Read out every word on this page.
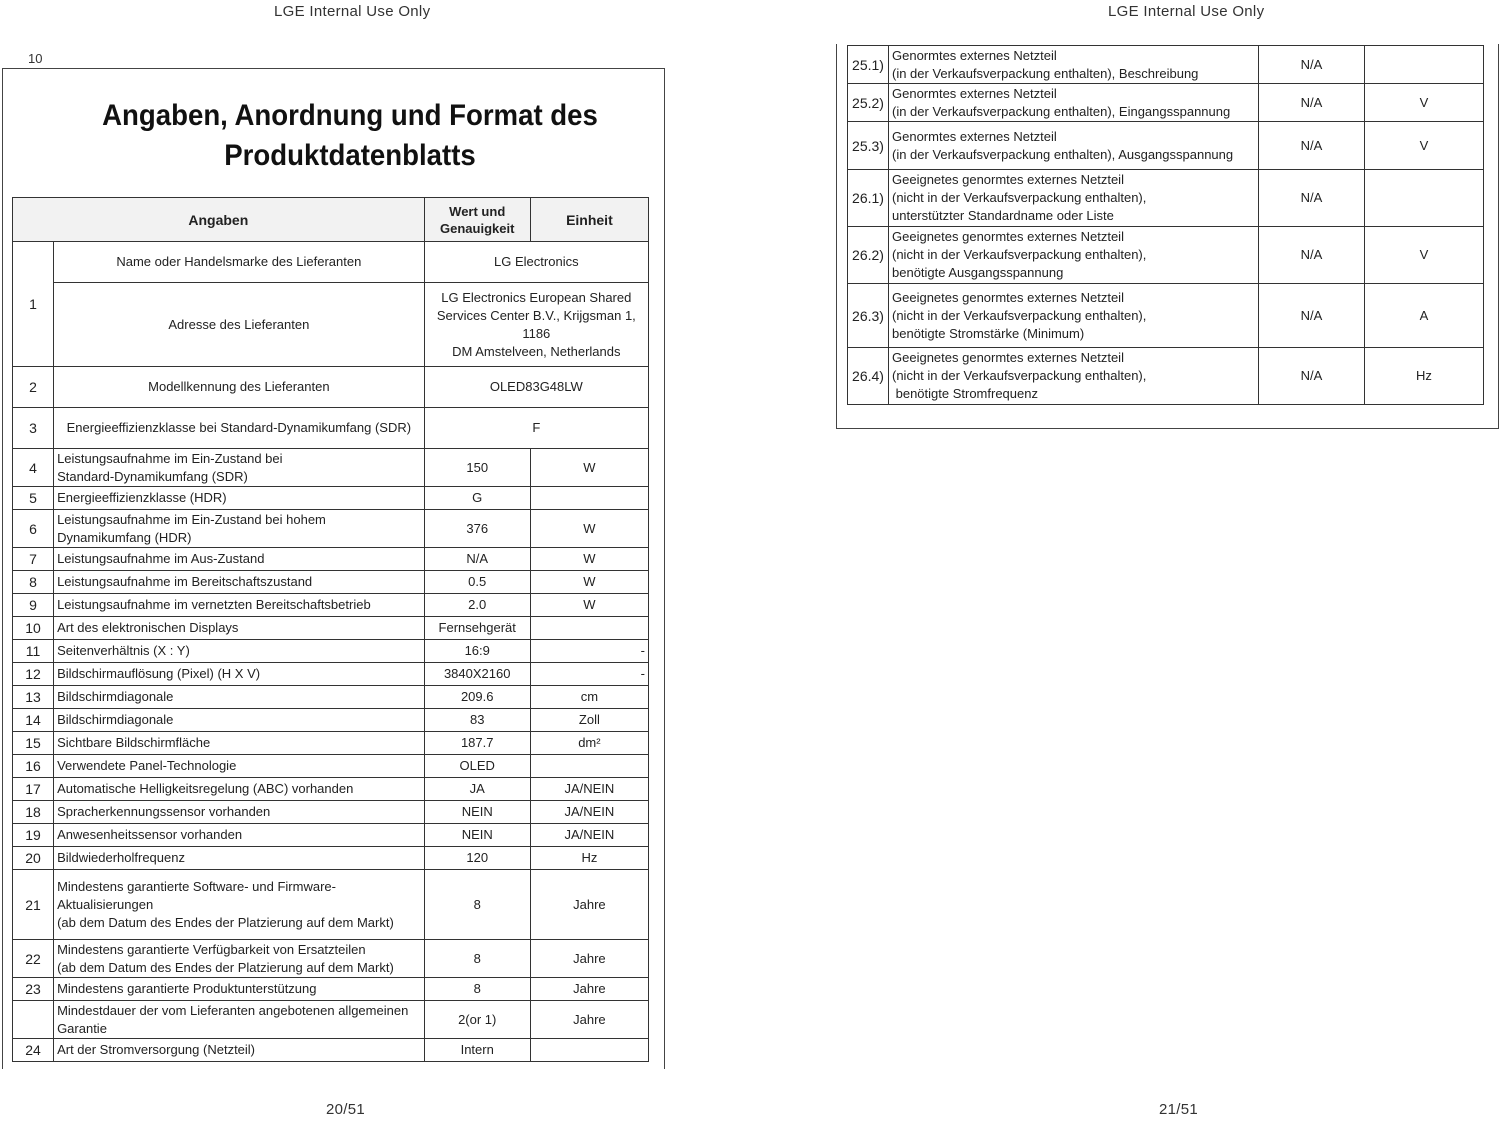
LGE Internal Use Only	LGE Internal Use Only
10
Angaben, Anordnung und Format des
Produktdatenblatts
Angaben		Wert und
Genauigkeit	Einheit
1	Name oder Handelsmarke des Lieferanten	LG Electronics	
	Adresse des Lieferanten	LG Electronics European Shared
Services Center B.V., Krijgsman 1, 1186
DM Amstelveen, Netherlands	

2	Modellkennung des Lieferanten	OLED83G48LW	
3	Energieeffizienzklasse bei Standard-Dynamikumfang (SDR)	F	
4	Leistungsaufnahme im Ein-Zustand bei
Standard-Dynamikumfang (SDR)	150	W
5	Energieeffizienzklasse (HDR)	G	
6	Leistungsaufnahme im Ein-Zustand bei hohem
Dynamikumfang (HDR)	376	W
7	Leistungsaufnahme im Aus-Zustand	N/A	W
8	Leistungsaufnahme im Bereitschaftszustand	0.5	W
9	Leistungsaufnahme im vernetzten Bereitschaftsbetrieb	2.0	W
10	Art des elektronischen Displays	Fernsehgerät	
11	Seitenverhältnis (X : Y)	16:9	-
12	Bildschirmauflösung (Pixel) (H X V)	3840X2160	-
13	Bildschirmdiagonale	209.6	cm
14	Bildschirmdiagonale	83	Zoll
15	Sichtbare Bildschirmfläche	187.7	dm²
16	Verwendete Panel-Technologie	OLED	
17	Automatische Helligkeitsregelung (ABC) vorhanden	JA	JA/NEIN
18	Spracherkennungssensor vorhanden	NEIN	JA/NEIN
19	Anwesenheitssensor vorhanden	NEIN	JA/NEIN
20	Bildwiederholfrequenz	120	Hz
21	Mindestens garantierte Software- und Firmware-Aktualisierungen
(ab dem Datum des Endes der Platzierung auf dem Markt)	8	Jahre
22	Mindestens garantierte Verfügbarkeit von Ersatzteilen
(ab dem Datum des Endes der Platzierung auf dem Markt)	8	Jahre
23	Mindestens garantierte Produktunterstützung	8	Jahre

	Mindestdauer der vom Lieferanten angebotenen allgemeinen
Garantie	2(or 1)	Jahre
24	Art der Stromversorgung (Netzteil)	Intern	
25.1)	Genormtes externes Netzteil
(in der Verkaufsverpackung enthalten), Beschreibung	N/A	
25.2)	Genormtes externes Netzteil
(in der Verkaufsverpackung enthalten), Eingangsspannung	N/A	V
25.3)	Genormtes externes Netzteil
(in der Verkaufsverpackung enthalten), Ausgangsspannung	N/A	V
26.1)	Geeignetes genormtes externes Netzteil
(nicht in der Verkaufsverpackung enthalten),
unterstützter Standardname oder Liste	N/A	
26.2)	Geeignetes genormtes externes Netzteil
(nicht in der Verkaufsverpackung enthalten),
benötigte Ausgangsspannung	N/A	V
26.3)	Geeignetes genormtes externes Netzteil
(nicht in der Verkaufsverpackung enthalten),
benötigte Stromstärke (Minimum)	N/A	A
26.4)	Geeignetes genormtes externes Netzteil
(nicht in der Verkaufsverpackung enthalten),
benötigte Stromfrequenz	N/A	Hz
20/51	21/51
